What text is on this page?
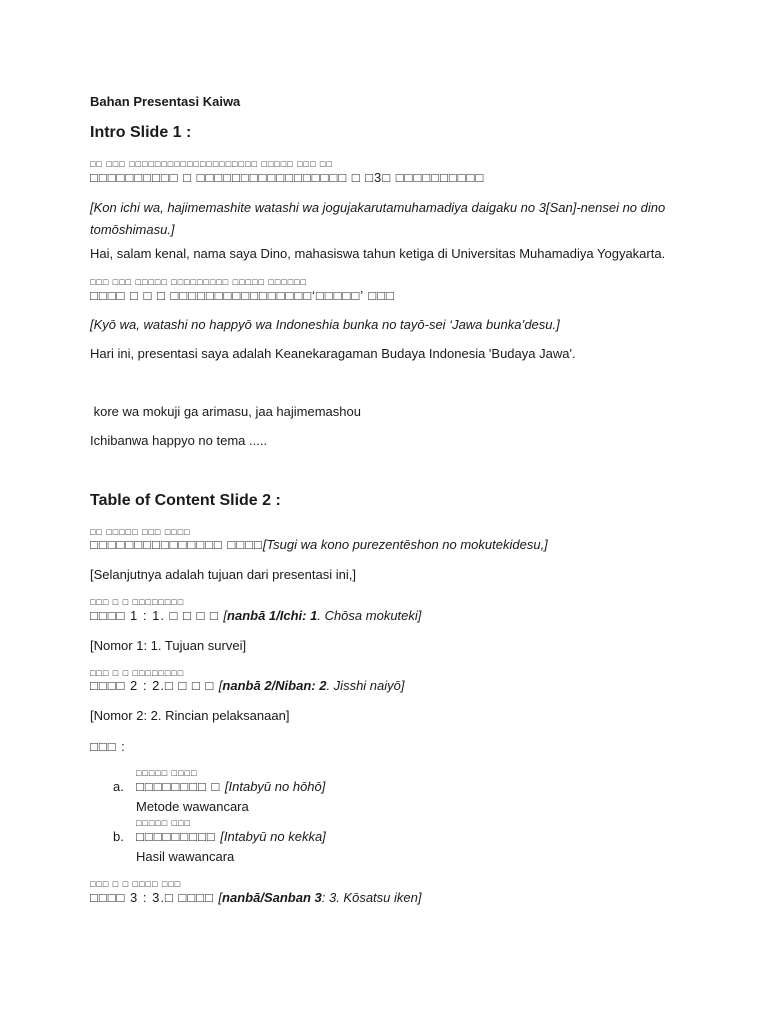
Bahan Presentasi Kaiwa
Intro Slide 1 :
□□ □□□ □□□□□□□□□□□□□□□□□□□□ □□□□□ □□□ □□
□□□□□□□□□□ □ □□□□□□□□□□□□□□□□□ □ □3□ □□□□□□□□□□
[Kon ichi wa, hajimemashite watashi wa jogujakarutamuhamadiya daigaku no 3[San]-nensei no dino tomōshimasu.]
Hai, salam kenal, nama saya Dino, mahasiswa tahun ketiga di Universitas Muhamadiya Yogyakarta.
□□□ □□□ □□□□□ □□□□□□□□□ □□□□□ □□□□□□
□□□□ □ □ □ □□□□□□□□□□□□□□□□‘□□□□□’ □□□
[Kyō wa, watashi no happyō wa Indoneshia bunka no tayō-sei ‘Jawa bunka’desu.]
Hari ini, presentasi saya adalah Keanekaragaman Budaya Indonesia 'Budaya Jawa'.
kore wa mokuji ga arimasu, jaa hajimemashou
Ichibanwa happyo no tema .....
Table of Content Slide 2 :
□□ □□□□□ □□□ □□□□
□□□□□□□□□□□□□□□ □□□□[Tsugi wa kono purezentēshon no mokutekidesu,]
[Selanjutnya adalah tujuan dari presentasi ini,]
□□□ □ □ □□□□□□□□
□□□□ 1 : 1. □ □ □ □ [nanbā 1/Ichi: 1. Chōsa mokuteki]
[Nomor 1: 1. Tujuan survei]
□□□ □ □ □□□□□□□□
□□□□ 2 : 2.□ □ □ □ [nanbā 2/Niban: 2. Jisshi naiyō]
[Nomor 2: 2. Rincian pelaksanaan]
□□□ :
□□□□□ □□□□
a. □□□□□□□□ □ [Intabyū no hōhō]
Metode wawancara
□□□□□ □□□
b. □□□□□□□□□ [Intabyū no kekka]
Hasil wawancara
□□□ □ □ □□□□ □□□
□□□□ 3 : 3.□ □□□□ [nanbā/Sanban 3: 3. Kōsatsu iken]
